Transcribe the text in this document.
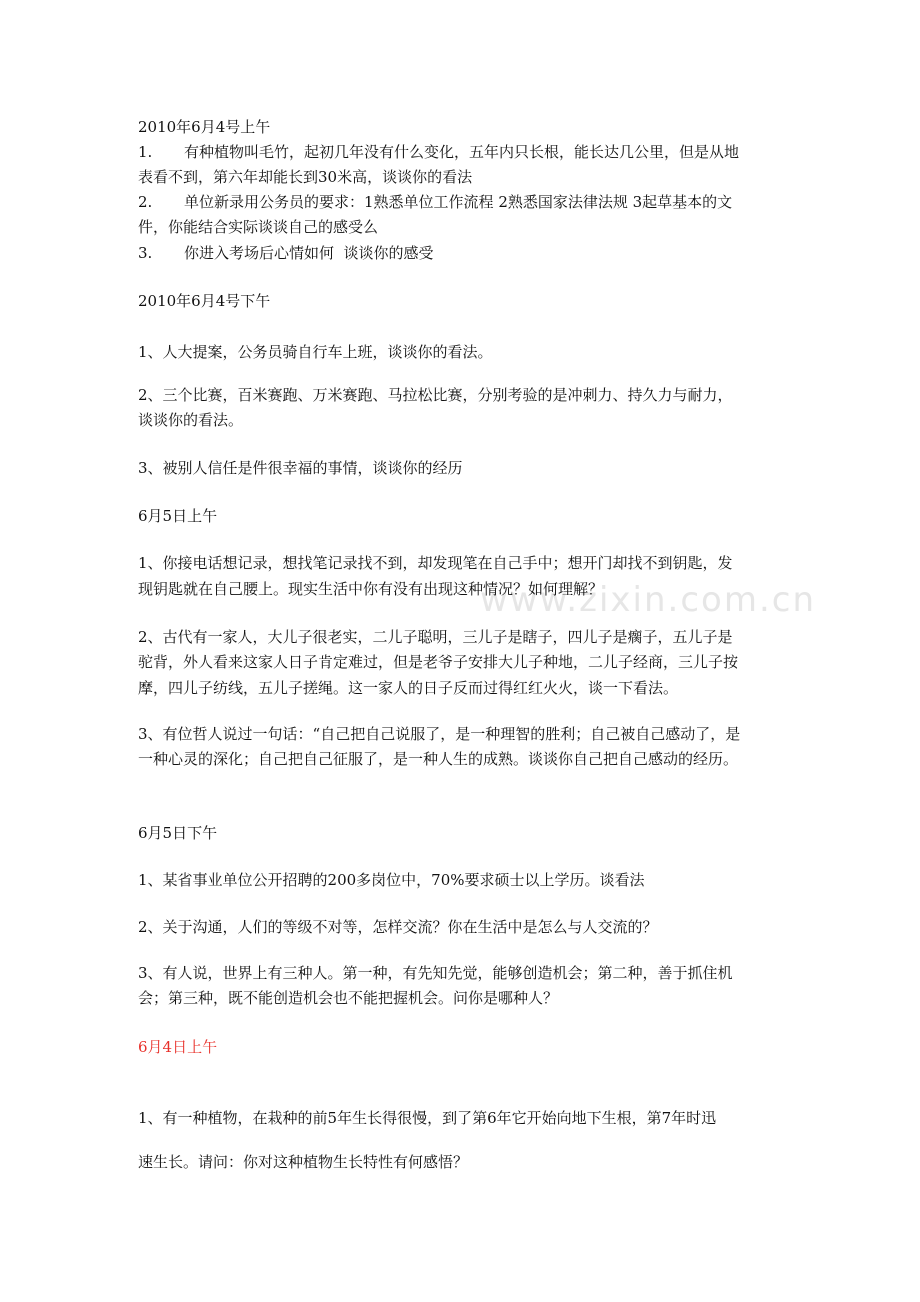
www.zixin.com.cn
2010年6月4号上午
1. 有种植物叫毛竹，起初几年没有什么变化，五年内只长根，能长达几公里，但是从地
表看不到，第六年却能长到30米高，谈谈你的看法
2. 单位新录用公务员的要求：1熟悉单位工作流程 2熟悉国家法律法规 3起草基本的文
件，你能结合实际谈谈自己的感受么
3. 你进入考场后心情如何  谈谈你的感受
2010年6月4号下午
1、人大提案，公务员骑自行车上班，谈谈你的看法。
2、三个比赛，百米赛跑、万米赛跑、马拉松比赛，分别考验的是冲刺力、持久力与耐力，
谈谈你的看法。
3、被别人信任是件很幸福的事情，谈谈你的经历
6月5日上午
1、你接电话想记录，想找笔记录找不到，却发现笔在自己手中；想开门却找不到钥匙，发
现钥匙就在自己腰上。现实生活中你有没有出现这种情况？如何理解？
2、古代有一家人，大儿子很老实，二儿子聪明，三儿子是瞎子，四儿子是瘸子，五儿子是
驼背，外人看来这家人日子肯定难过，但是老爷子安排大儿子种地，二儿子经商，三儿子按
摩，四儿子纺线，五儿子搓绳。这一家人的日子反而过得红红火火，谈一下看法。
3、有位哲人说过一句话：“自己把自己说服了，是一种理智的胜利；自己被自己感动了，是
一种心灵的深化；自己把自己征服了，是一种人生的成熟。谈谈你自己把自己感动的经历。
6月5日下午
1、某省事业单位公开招聘的200多岗位中，70%要求硕士以上学历。谈看法
2、关于沟通，人们的等级不对等，怎样交流？你在生活中是怎么与人交流的？
3、有人说，世界上有三种人。第一种，有先知先觉，能够创造机会；第二种，善于抓住机
会；第三种，既不能创造机会也不能把握机会。问你是哪种人？
6月4日上午
1、有一种植物，在栽种的前5年生长得很慢，到了第6年它开始向地下生根，第7年时迅
速生长。请问：你对这种植物生长特性有何感悟？
